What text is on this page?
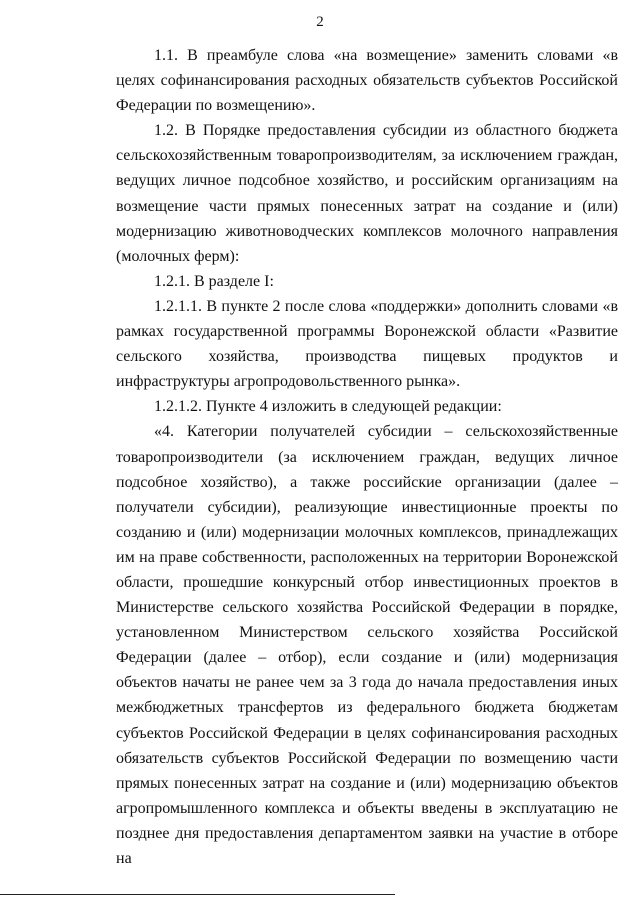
2

1.1. В преамбуле слова «на возмещение» заменить словами «в целях софинансирования расходных обязательств субъектов Российской Федерации по возмещению».

1.2. В Порядке предоставления субсидии из областного бюджета сельскохозяйственным товаропроизводителям, за исключением граждан, ведущих личное подсобное хозяйство, и российским организациям на возмещение части прямых понесенных затрат на создание и (или) модернизацию животноводческих комплексов молочного направления (молочных ферм):

1.2.1. В разделе I:

1.2.1.1. В пункте 2 после слова «поддержки» дополнить словами «в рамках государственной программы Воронежской области «Развитие сельского хозяйства, производства пищевых продуктов и инфраструктуры агропродовольственного рынка».

1.2.1.2. Пункте 4 изложить в следующей редакции:

«4. Категории получателей субсидии – сельскохозяйственные товаропроизводители (за исключением граждан, ведущих личное подсобное хозяйство), а также российские организации (далее – получатели субсидии), реализующие инвестиционные проекты по созданию и (или) модернизации молочных комплексов, принадлежащих им на праве собственности, расположенных на территории Воронежской области, прошедшие конкурсный отбор инвестиционных проектов в Министерстве сельского хозяйства Российской Федерации в порядке, установленном Министерством сельского хозяйства Российской Федерации (далее – отбор), если создание и (или) модернизация объектов начаты не ранее чем за 3 года до начала предоставления иных межбюджетных трансфертов из федерального бюджета бюджетам субъектов Российской Федерации в целях софинансирования расходных обязательств субъектов Российской Федерации по возмещению части прямых понесенных затрат на создание и (или) модернизацию объектов агропромышленного комплекса и объекты введены в эксплуатацию не позднее дня предоставления департаментом заявки на участие в отборе на
